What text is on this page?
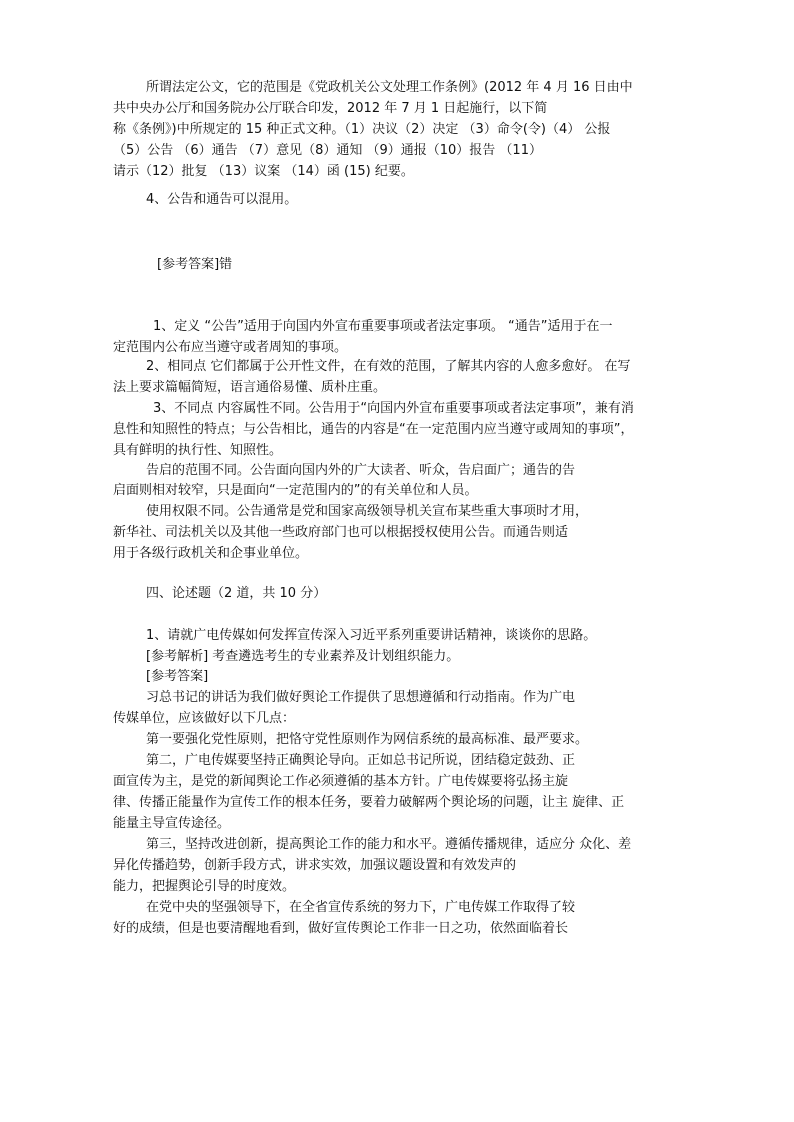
所谓法定公文，它的范围是《党政机关公文处理工作条例》(2012 年 4 月 16 日由中
共中央办公厅和国务院办公厅联合印发，2012 年 7 月 1 日起施行，以下简
称《条例》)中所规定的 15 种正式文种。（1）决议（2）决定 （3）命令(令)（4） 公报
（5）公告 （6）通告 （7）意见（8）通知 （9）通报（10）报告 （11）
请示（12）批复 （13）议案 （14）函 (15) 纪要。
4、公告和通告可以混用。
[参考答案]错
1、定义 “公告”适用于向国内外宣布重要事项或者法定事项。 “通告”适用于在一
定范围内公布应当遵守或者周知的事项。
2、相同点 它们都属于公开性文件，在有效的范围，了解其内容的人愈多愈好。 在写
法上要求篇幅简短，语言通俗易懂、质朴庄重。
3、不同点 内容属性不同。公告用于“向国内外宣布重要事项或者法定事项”，兼有消
息性和知照性的特点；与公告相比，通告的内容是“在一定范围内应当遵守或周知的事项”，
具有鲜明的执行性、知照性。
告启的范围不同。公告面向国内外的广大读者、听众，告启面广；通告的告
启面则相对较窄，只是面向“一定范围内的”的有关单位和人员。
使用权限不同。公告通常是党和国家高级领导机关宣布某些重大事项时才用，
新华社、司法机关以及其他一些政府部门也可以根据授权使用公告。而通告则适
用于各级行政机关和企事业单位。
四、论述题（2 道，共 10 分）
1、请就广电传媒如何发挥宣传深入习近平系列重要讲话精神，谈谈你的思路。
[参考解析] 考查遴选考生的专业素养及计划组织能力。
[参考答案]
习总书记的讲话为我们做好舆论工作提供了思想遵循和行动指南。作为广电
传媒单位，应该做好以下几点：
第一要强化党性原则，把恪守党性原则作为网信系统的最高标准、最严要求。
第二，广电传媒要坚持正确舆论导向。正如总书记所说，团结稳定鼓劲、正
面宣传为主，是党的新闻舆论工作必须遵循的基本方针。广电传媒要将弘扬主旋
律、传播正能量作为宣传工作的根本任务，要着力破解两个舆论场的问题，让主 旋律、正
能量主导宣传途径。
第三，坚持改进创新，提高舆论工作的能力和水平。遵循传播规律，适应分 众化、差
异化传播趋势，创新手段方式，讲求实效，加强议题设置和有效发声的
能力，把握舆论引导的时度效。
在党中央的坚强领导下，在全省宣传系统的努力下，广电传媒工作取得了较
好的成绩，但是也要清醒地看到，做好宣传舆论工作非一日之功，依然面临着长
